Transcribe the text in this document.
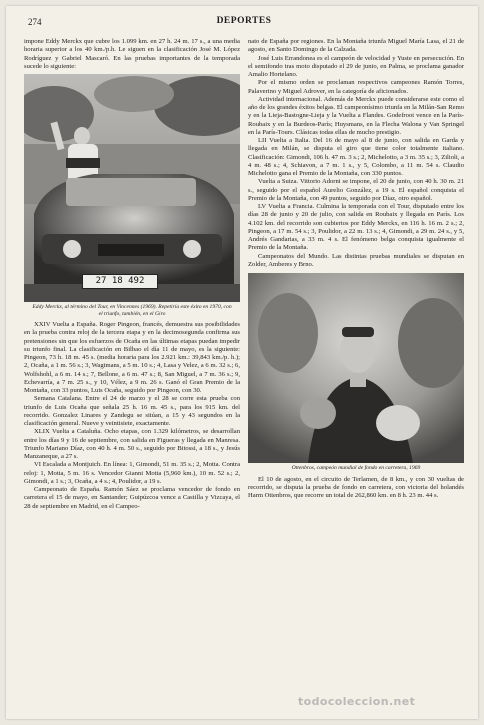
274	DEPORTES

impone Eddy Merckx que cubre los 1.099 km. en 27 h. 24 m. 17 s., a una media horaria superior a los 40 km./p.h. Le siguen en la clasificación José M. López Rodríguez y Gabriel Mascaró. En las pruebas importantes de la temporada sucede lo siguiente:

27 18 492
Eddy Merckx, al término del Tour, en Vincennes (1969). Repetiría este éxito en 1970, con el triunfo, también, en el Giro

XXIV Vuelta a España. Roger Pingeon, francés, demuestra sus posibilidades en la prueba contra reloj de la tercera etapa y en la decimosegunda confirma sus pretensiones sin que los esfuerzos de Ocaña en las últimas etapas puedan impedir su triunfo final. La clasificación en Bilbao el día 11 de mayo, es la siguiente: Pingeon, 73 h. 18 m. 45 s. (media horaria para los 2.921 km.: 39,843 km./p. h.); 2, Ocaña, a 1 m. 56 s.; 3, Wagtmans, a 5 m. 10 s.; 4, Lasa y Velez, a 6 m. 32 s.; 6, Wolfshohl, a 6 m. 14 s.; 7, Bellone, a 6 m. 47 s.; 8, San Miguel, a 7 m. 36 s.; 9, Echevarría, a 7 m. 25 s., y 10, Vélez, a 9 m. 26 s. Ganó el Gran Premio de la Montaña, con 33 puntos, Luis Ocaña, seguido por Pingeon, con 30.

Semana Catalana. Entre el 24 de marzo y el 28 se corre esta prueba con triunfo de Luis Ocaña que señala 25 h. 16 m. 45 s., para los 915 km. del recorrido. Gonzalez Linares y Zandegu se sitúan, a 15 y 43 segundos en la clasificación general. Nueve y veintisiete, exactamente.

XLIX Vuelta a Cataluña. Ocho etapas, con 1.329 kilómetros, se desarrollan entre los días 9 y 16 de septiembre, con salida en Figueras y llegada en Manresa. Triunfo Mariano Díaz, con 40 h. 4 m. 50 s., seguido por Bitossi, a 18 s., y Jesús Manzaneque, a 27 s.

VI Escalada a Montjuich. En línea: 1, Gimondi, 51 m. 35 s.; 2, Motta. Contra reloj: 1, Motta, 5 m. 16 s. Vencedor Gianni Motta (5,960 km.), 10 m. 52 s.; 2, Gimondi, a 1 s.; 3, Ocaña, a 4 s.; 4, Poulidor, a 19 s.

Campeonato de España. Ramón Sáez se proclama vencedor de fondo en carretera el 15 de mayo, en Santander; Guipúzcoa vence a Castilla y Vizcaya, el 28 de septiembre en Madrid, en el Campeo-

nato de España por regiones. En la Montaña triunfa Miguel María Lasa, el 21 de agosto, en Santo Domingo de la Calzada.

José Luis Errandonea es el campeón de velocidad y Yuste en persecución. En el semifondo tras moto disputado el 29 de junio, en Palma, se proclama ganador Amalio Hortelano.

Por el mismo orden se proclaman respectivos campeones Ramón Torres, Palaverino y Miguel Adrover, en la categoría de aficionados.

Actividad internacional. Además de Merckx puede considerarse este como el año de los grandes éxitos belgas. El campeonísimo triunfa en la Milán-San Remo y en la Lieja-Bastogne-Lieja y la Vuelta a Flandes. Godefroot vence en la París-Roubaix y en la Burdeos-París; Huysmans, en la Flecha Walona y Van Springel en la París-Tours. Clásicas todas ellas de mucho prestigio.

LII Vuelta a Italia. Del 16 de mayo al 8 de junio, con salida en Garda y llegada en Milán, se disputa el giro que tiene color totalmente italiano. Clasificación: Gimondi, 106 h. 47 m. 3 s.; 2, Michelotto, a 3 m. 35 s.; 3, Zilioli, a 4 m. 48 s.; 4, Schiavon, a 7 m. 1 s., y 5, Colombo, a 11 m. 54 s. Claudio Michelotto gana el Premio de la Montaña, con 330 puntos.

Vuelta a Suiza. Vittorio Adorni se impone, el 20 de junio, con 40 h. 30 m. 21 s., seguido por el español Aurelio González, a 19 s. El español conquista el Premio de la Montaña, con 49 puntos, seguido por Díaz, otro español.

LV Vuelta a Francia. Culmina la temporada con el Tour, disputado entre los días 28 de junio y 20 de julio, con salida en Roubaix y llegada en París. Los 4.102 km. del recorrido son cubiertos por Eddy Merckx, en 116 h. 16 m. 2 s.; 2, Pingeon, a 17 m. 54 s.; 3, Poulidor, a 22 m. 13 s.; 4, Gimondi, a 29 m. 24 s., y 5, Andrés Gandarias, a 33 m. 4 s. El fenómeno belga conquista igualmente el Premio de la Montaña.

Campeonatos del Mundo. Las distintas pruebas mundiales se disputan en Zolder, Amberes y Brno.

Ottenbros, campeón mundial de fondo en carretera, 1969

El 10 de agosto, en el circuito de Terlamen, de 8 km., y con 30 vueltas de recorrido, se disputa la prueba de fondo en carretera, con victoria del holandés Harm Ottenbros, que recorre un total de 262,860 km. en 8 h. 23 m. 44 s.

todocoleccion.net
